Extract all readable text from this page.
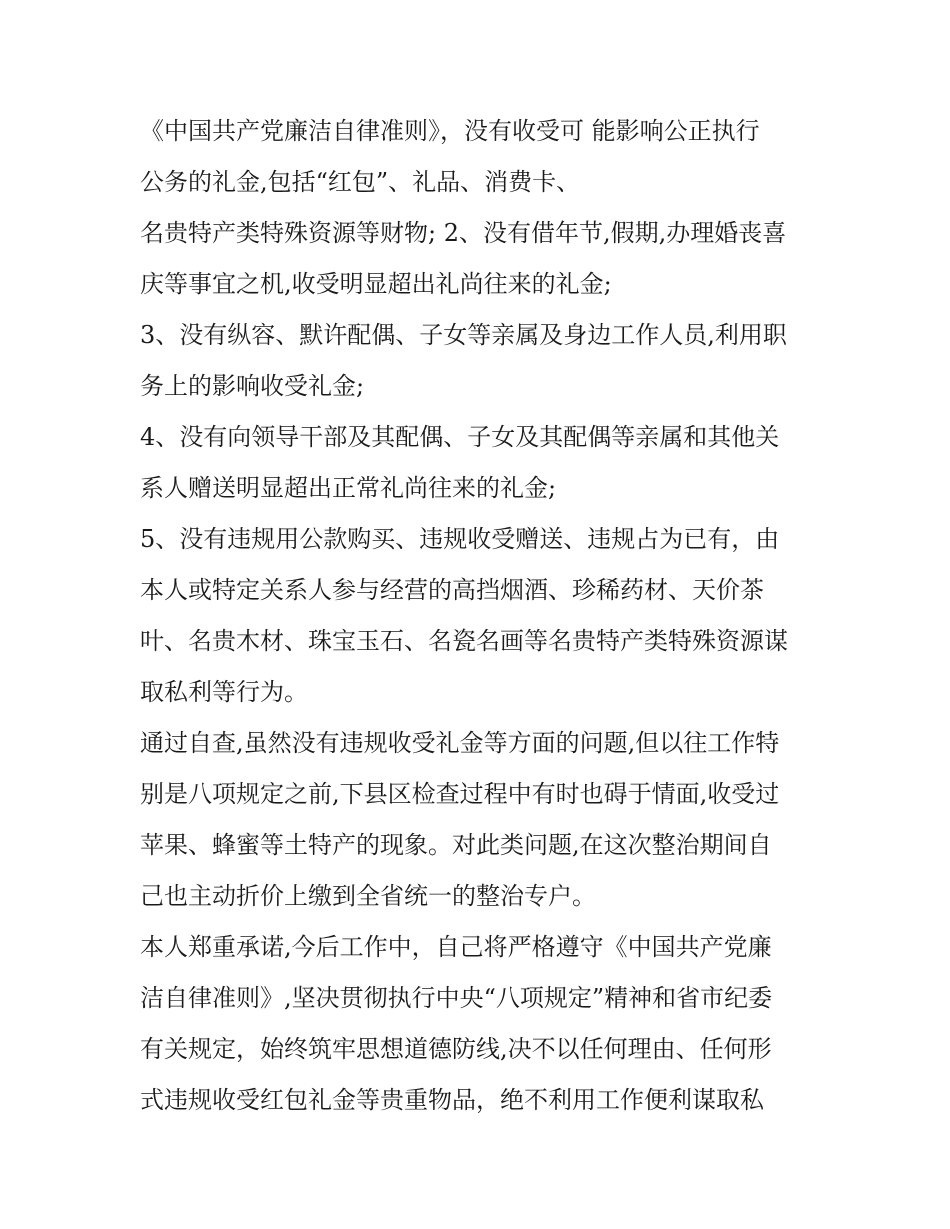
《中国共产党廉洁自律准则》，没有收受可 能影响公正执行
公务的礼金,包括“红包”、礼品、消费卡、
名贵特产类特殊资源等财物; 2、没有借年节,假期,办理婚丧喜
庆等事宜之机,收受明显超出礼尚往来的礼金;
3、没有纵容、默许配偶、子女等亲属及身边工作人员,利用职
务上的影响收受礼金;
4、没有向领导干部及其配偶、子女及其配偶等亲属和其他关
系人赠送明显超出正常礼尚往来的礼金;
5、没有违规用公款购买、违规收受赠送、违规占为已有，由
本人或特定关系人参与经营的高挡烟酒、珍稀药材、天价茶
叶、名贵木材、珠宝玉石、名瓷名画等名贵特产类特殊资源谋
取私利等行为。
通过自查,虽然没有违规收受礼金等方面的问题,但以往工作特
别是八项规定之前,下县区检查过程中有时也碍于情面,收受过
苹果、蜂蜜等土特产的现象。对此类问题,在这次整治期间自
己也主动折价上缴到全省统一的整治专户。
本人郑重承诺,今后工作中，自己将严格遵守《中国共产党廉
洁自律准则》,坚决贯彻执行中央“八项规定”精神和省市纪委
有关规定，始终筑牢思想道德防线,决不以任何理由、任何形
式违规收受红包礼金等贵重物品，绝不利用工作便利谋取私
